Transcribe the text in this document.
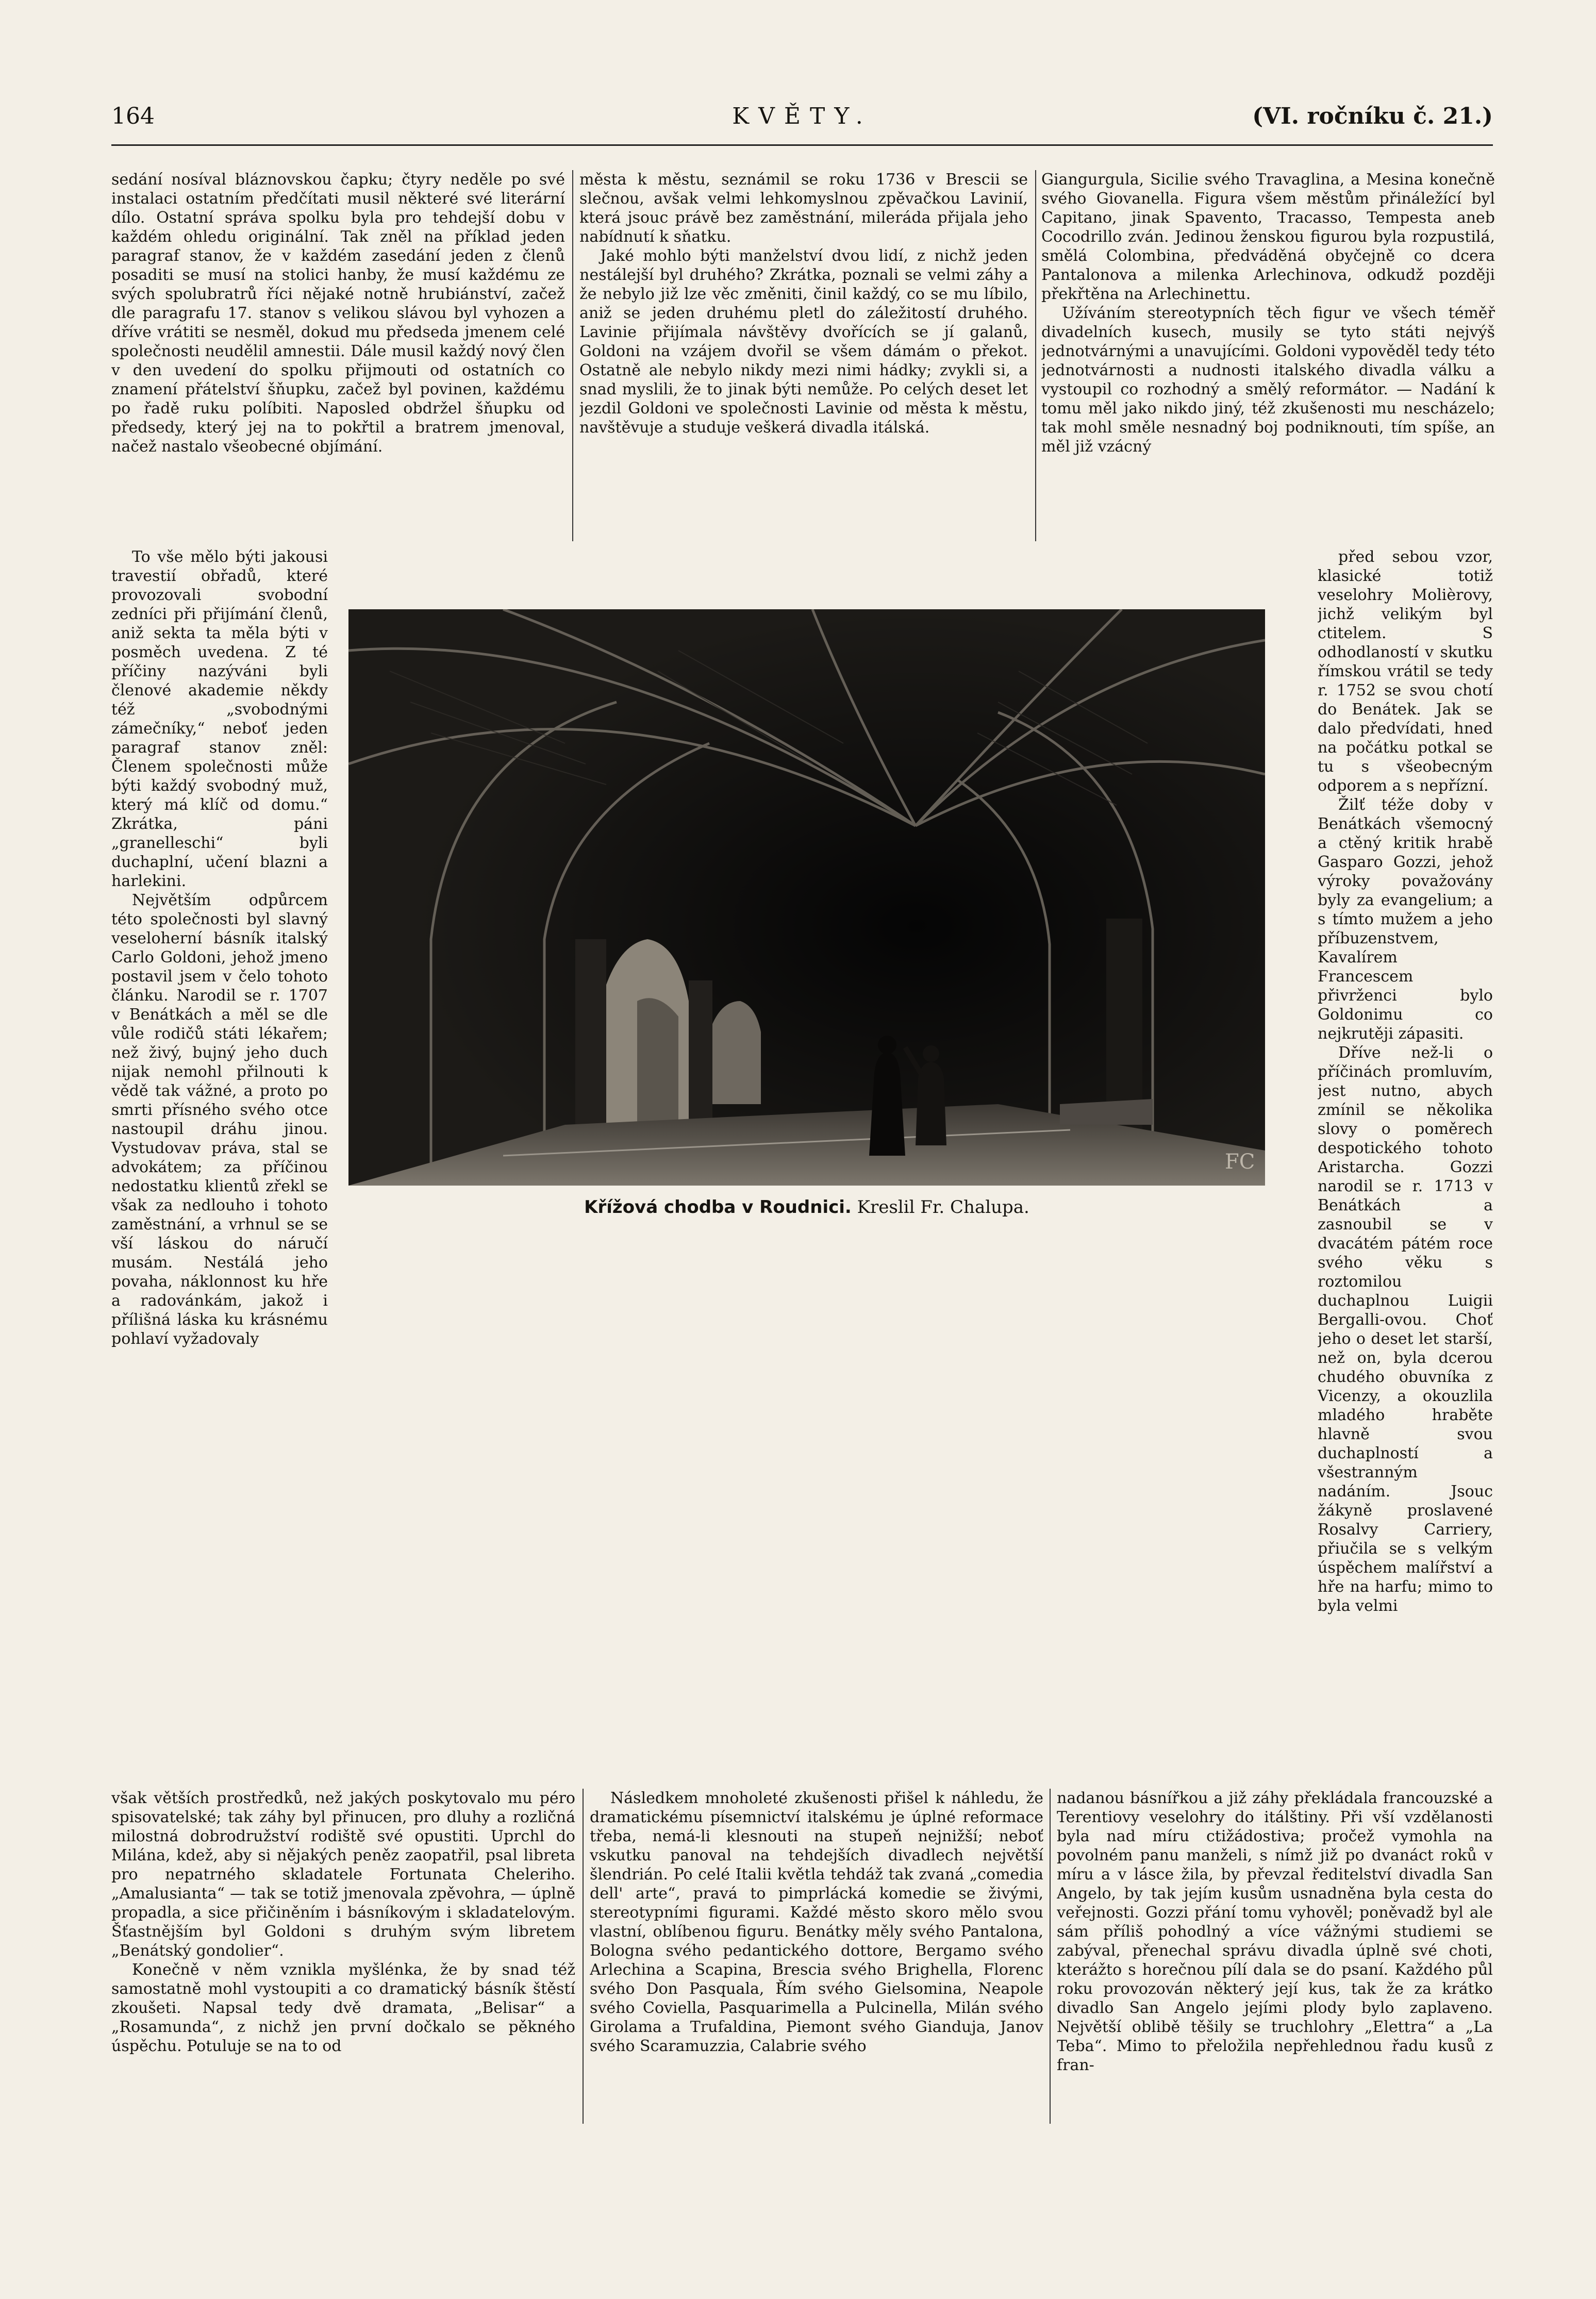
164	KVĚTY.	(VI. ročníku č. 21.)

sedání nosíval bláznovskou čapku; čtyry neděle po své instalaci ostatním předčítati musil některé své literární dílo. Ostatní správa spolku byla pro tehdejší dobu v každém ohledu originální. Tak zněl na příklad jeden paragraf stanov, že v každém zasedání jeden z členů posaditi se musí na stolici hanby, že musí každému ze svých spolubratrů říci nějaké notně hrubiánství, začež dle paragrafu 17. stanov s velikou slávou byl vyhozen a dříve vrátiti se nesměl, dokud mu předseda jmenem celé společnosti neudělil amnestii. Dále musil každý nový člen v den uvedení do spolku přijmouti od ostatních co znamení přátelství šňupku, začež byl povinen, každému po řadě ruku políbiti. Naposled obdržel šňupku od předsedy, který jej na to pokřtil a bratrem jmenoval, načež nastalo všeobecné objímání.

města k městu, seznámil se roku 1736 v Brescii se slečnou, avšak velmi lehkomyslnou zpěvačkou Lavinií, která jsouc právě bez zaměstnání, mileráda přijala jeho nabídnutí k sňatku.

Jaké mohlo býti manželství dvou lidí, z nichž jeden nestálejší byl druhého? Zkrátka, poznali se velmi záhy a že nebylo již lze věc změniti, činil každý, co se mu líbilo, aniž se jeden druhému pletl do záležitostí druhého. Lavinie přijímala návštěvy dvořících se jí galanů, Goldoni na vzájem dvořil se všem dámám o překot. Ostatně ale nebylo nikdy mezi nimi hádky; zvykli si, a snad myslili, že to jinak býti nemůže. Po celých deset let jezdil Goldoni ve společnosti Lavinie od města k městu, navštěvuje a studuje veškerá divadla itálská.

Giangurgula, Sicilie svého Travaglina, a Mesina konečně svého Giovanella. Figura všem městům přináležící byl Capitano, jinak Spavento, Tracasso, Tempesta aneb Cocodrillo zván. Jedinou ženskou figurou byla rozpustilá, smělá Colombina, předváděná obyčejně co dcera Pantalonova a milenka Arlechinova, odkudž později překřtěna na Arlechinettu.

Užíváním stereotypních těch figur ve všech téměř divadelních kusech, musily se tyto státi nejvýš jednotvárnými a unavujícími. Goldoni vypověděl tedy této jednotvárnosti a nudnosti italského divadla válku a vystoupil co rozhodný a smělý reformátor. — Nadání k tomu měl jako nikdo jiný, též zkušenosti mu nescházelo; tak mohl směle nesnadný boj podniknouti, tím spíše, an měl již vzácný

To vše mělo býti jakousi travestií obřadů, které provozovali svobodní zedníci při přijímání členů, aniž sekta ta měla býti v posměch uvedena. Z té příčiny nazýváni byli členové akademie někdy též „svobodnými zámečníky,“ neboť jeden paragraf stanov zněl: Členem společnosti může býti každý svobodný muž, který má klíč od domu.“ Zkrátka, páni „granelleschi“ byli duchaplní, učení blazni a harlekini.

Největším odpůrcem této společnosti byl slavný veseloherní básník italský Carlo Goldoni, jehož jmeno postavil jsem v čelo tohoto článku. Narodil se r. 1707 v Benátkách a měl se dle vůle rodičů státi lékařem; než živý, bujný jeho duch nijak nemohl přilnouti k vědě tak vážné, a proto po smrti přísného svého otce nastoupil dráhu jinou. Vystudovav práva, stal se advokátem; za příčinou nedostatku klientů zřekl se však za nedlouho i tohoto zaměstnání, a vrhnul se se vší láskou do náručí musám. Nestálá jeho povaha, náklonnost ku hře a radovánkám, jakož i přílišná láska ku krásnému pohlaví vyžadovaly

před sebou vzor, klasické totiž veselohry Molièrovy, jichž velikým byl ctitelem. S odhodlaností v skutku římskou vrátil se tedy r. 1752 se svou chotí do Benátek. Jak se dalo předvídati, hned na počátku potkal se tu s všeobecným odporem a s nepřízní.

Žilť téže doby v Benátkách všemocný a ctěný kritik hrabě Gasparo Gozzi, jehož výroky považovány byly za evangelium; a s tímto mužem a jeho příbuzenstvem, Kavalírem Francescem přivrženci bylo Goldonimu co nejkrutěji zápasiti.

Dříve než-li o příčinách promluvím, jest nutno, abych zmínil se několika slovy o poměrech despotického tohoto Aristarcha. Gozzi narodil se r. 1713 v Benátkách a zasnoubil se v dvacátém pátém roce svého věku s roztomilou duchaplnou Luigii Bergalli-ovou. Choť jeho o deset let starší, než on, byla dcerou chudého obuvníka z Vicenzy, a okouzlila mladého hraběte hlavně svou duchaplností a všestranným nadáním. Jsouc žákyně proslavené Rosalvy Carriery, přiučila se s velkým úspěchem malířství a hře na harfu; mimo to byla velmi

FC
Křížová chodba v Roudnici. Kreslil Fr. Chalupa.

však větších prostředků, než jakých poskytovalo mu péro spisovatelské; tak záhy byl přinucen, pro dluhy a rozličná milostná dobrodružství rodiště své opustiti. Uprchl do Milána, kdež, aby si nějakých peněz zaopatřil, psal libreta pro nepatrného skladatele Fortunata Cheleriho. „Amalusianta“ — tak se totiž jmenovala zpěvohra, — úplně propadla, a sice přičiněním i básníkovým i skladatelovým. Šťastnějším byl Goldoni s druhým svým libretem „Benátský gondolier“.

Konečně v něm vznikla myšlénka, že by snad též samostatně mohl vystoupiti a co dramatický básník štěstí zkoušeti. Napsal tedy dvě dramata, „Belisar“ a „Rosamunda“, z nichž jen první dočkalo se pěkného úspěchu. Potuluje se na to od

Následkem mnoholeté zkušenosti přišel k náhledu, že dramatickému písemnictví italskému je úplné reformace třeba, nemá-li klesnouti na stupeň nejnižší; neboť vskutku panoval na tehdejších divadlech největší šlendrián. Po celé Italii květla tehdáž tak zvaná „comedia dell' arte“, pravá to pimprlácká komedie se živými, stereotypními figurami. Každé město skoro mělo svou vlastní, oblíbenou figuru. Benátky měly svého Pantalona, Bologna svého pedantického dottore, Bergamo svého Arlechina a Scapina, Brescia svého Brighella, Florenc svého Don Pasquala, Řím svého Gielsomina, Neapole svého Coviella, Pasquarimella a Pulcinella, Milán svého Girolama a Trufaldina, Piemont svého Gianduja, Janov svého Scaramuzzia, Calabrie svého

nadanou básnířkou a již záhy překládala francouzské a Terentiovy veselohry do itálštiny. Při vší vzdělanosti byla nad míru ctižádostiva; pročež vymohla na povolném panu manželi, s nímž již po dvanáct roků v míru a v lásce žila, by převzal ředitelství divadla San Angelo, by tak jejím kusům usnadněna byla cesta do veřejnosti. Gozzi přání tomu vyhověl; poněvadž byl ale sám příliš pohodlný a více vážnými studiemi se zabýval, přenechal správu divadla úplně své choti, kterážto s horečnou pílí dala se do psaní. Každého půl roku provozován některý její kus, tak že za krátko divadlo San Angelo jejími plody bylo zaplaveno. Největší oblibě těšily se truchlohry „Elettra“ a „La Teba“. Mimo to přeložila nepřehlednou řadu kusů z fran-
